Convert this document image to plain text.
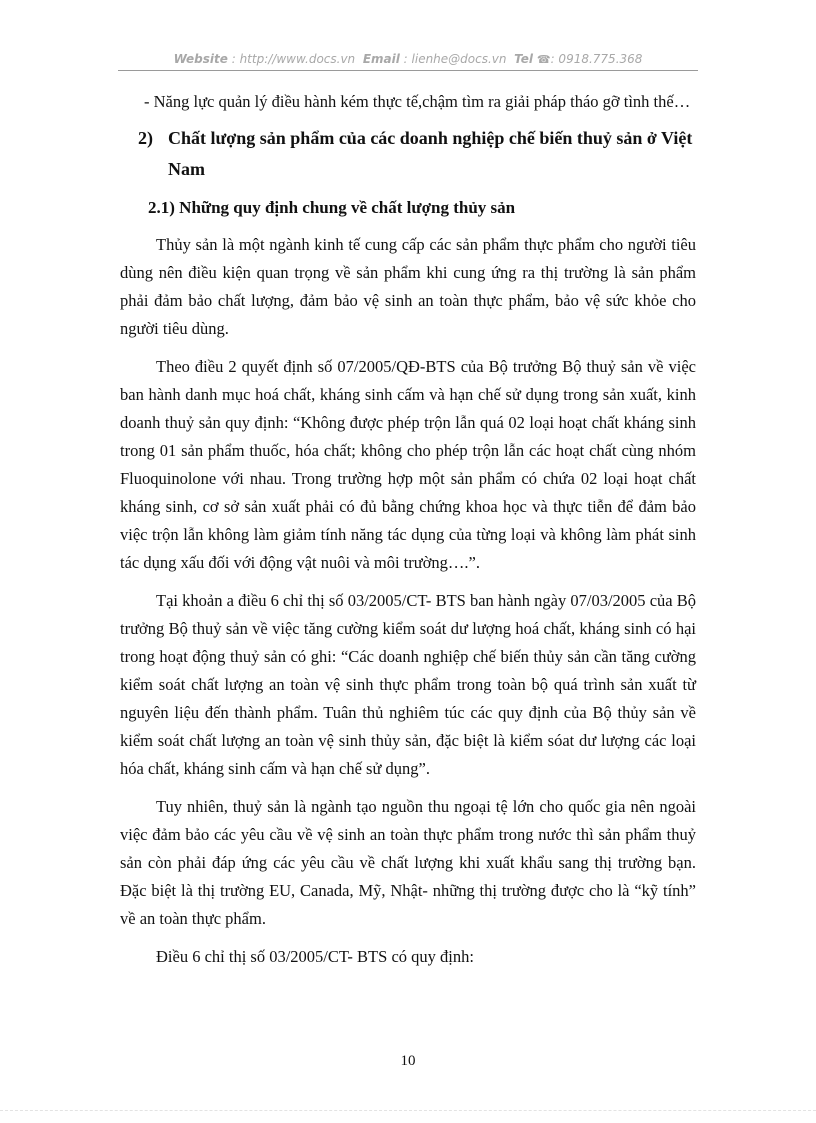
Website : http://www.docs.vn Email : lienhe@docs.vn Tel ☎: 0918.775.368

- Năng lực quản lý điều hành kém thực tế,chậm tìm ra giải pháp tháo gỡ tình thế…

2) Chất lượng sản phẩm của các doanh nghiệp chế biến thuỷ sản ở Việt Nam

2.1) Những quy định chung về chất lượng thủy sản

Thủy sản là một ngành kinh tế cung cấp các sản phẩm thực phẩm cho người tiêu dùng nên điều kiện quan trọng về sản phẩm khi cung ứng ra thị trường là sản phẩm phải đảm bảo chất lượng, đảm bảo vệ sinh an toàn thực phẩm, bảo vệ sức khỏe cho người tiêu dùng.

Theo điều 2 quyết định số 07/2005/QĐ-BTS của Bộ trưởng Bộ thuỷ sản về việc ban hành danh mục hoá chất, kháng sinh cấm và hạn chế sử dụng trong sản xuất, kinh doanh thuỷ sản quy định: “Không được phép trộn lẫn quá 02 loại hoạt chất kháng sinh trong 01 sản phẩm thuốc, hóa chất; không cho phép trộn lẫn các hoạt chất cùng nhóm Fluoquinolone với nhau. Trong trường hợp một sản phẩm có chứa 02 loại hoạt chất kháng sinh, cơ sở sản xuất phải có đủ bằng chứng khoa học và thực tiễn để đảm bảo việc trộn lẫn không làm giảm tính năng tác dụng của từng loại và không làm phát sinh tác dụng xấu đối với động vật nuôi và môi trường….”.

Tại khoản a điều 6 chỉ thị số 03/2005/CT- BTS ban hành ngày 07/03/2005 của Bộ trưởng Bộ thuỷ sản về việc tăng cường kiểm soát dư lượng hoá chất, kháng sinh có hại trong hoạt động thuỷ sản có ghi: “Các doanh nghiệp chế biến thủy sản cần tăng cường kiểm soát chất lượng an toàn vệ sinh thực phẩm trong toàn bộ quá trình sản xuất từ nguyên liệu đến thành phẩm. Tuân thủ nghiêm túc các quy định của Bộ thủy sản về kiểm soát chất lượng an toàn vệ sinh thủy sản, đặc biệt là kiểm sóat dư lượng các loại hóa chất, kháng sinh cấm và hạn chế sử dụng”.

Tuy nhiên, thuỷ sản là ngành tạo nguồn thu ngoại tệ lớn cho quốc gia nên ngoài việc đảm bảo các yêu cầu về vệ sinh an toàn thực phẩm trong nước thì sản phẩm thuỷ sản còn phải đáp ứng các yêu cầu về chất lượng khi xuất khẩu sang thị trường bạn. Đặc biệt là thị trường EU, Canada, Mỹ, Nhật- những thị trường được cho là “kỹ tính” về an toàn thực phẩm.

Điều 6 chỉ thị số 03/2005/CT- BTS có quy định:

10
